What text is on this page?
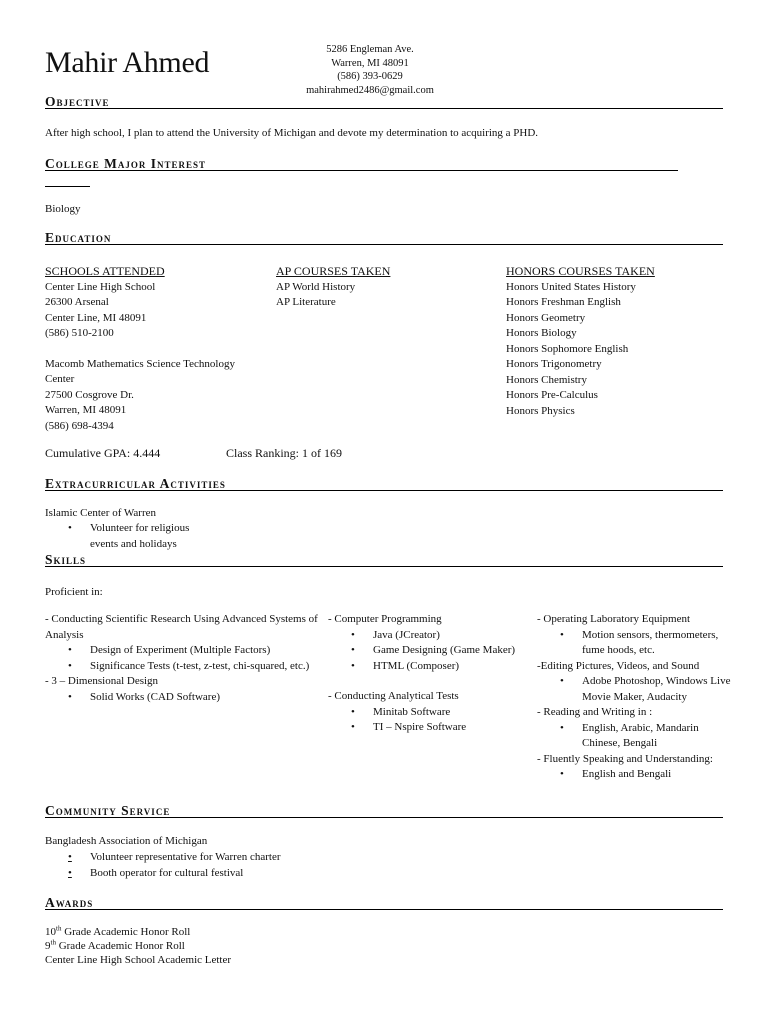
Mahir Ahmed	5286 Engleman Ave.
Warren, MI 48091
(586) 393-0629
mahirahmed2486@gmail.com
Objective
After high school, I plan to attend the University of Michigan and devote my determination to acquiring a PHD.
College Major Interest
Biology
Education
SCHOOLS ATTENDED
Center Line High School
26300 Arsenal
Center Line, MI 48091
(586) 510-2100
Macomb Mathematics Science Technology
Center
27500 Cosgrove Dr.
Warren, MI 48091
(586) 698-4394
AP COURSES TAKEN
AP World History
AP Literature
HONORS COURSES TAKEN
Honors United States History
Honors Freshman English
Honors Geometry
Honors Biology
Honors Sophomore English
Honors Trigonometry
Honors Chemistry
Honors Pre-Calculus
Honors Physics
Cumulative GPA: 4.444	Class Ranking: 1 of 169
Extracurricular Activities
Islamic Center of Warren
• Volunteer for religious events and holidays
Skills
Proficient in:
- Conducting Scientific Research Using Advanced Systems of Analysis
• Design of Experiment (Multiple Factors)
• Significance Tests (t-test, z-test, chi-squared, etc.)
- 3 – Dimensional Design
• Solid Works (CAD Software)
- Computer Programming
• Java (JCreator)
• Game Designing (Game Maker)
• HTML (Composer)
- Conducting Analytical Tests
• Minitab Software
• TI – Nspire Software
- Operating Laboratory Equipment
• Motion sensors, thermometers, fume hoods, etc.
-Editing Pictures, Videos, and Sound
• Adobe Photoshop, Windows Live Movie Maker, Audacity
- Reading and Writing in :
• English, Arabic, Mandarin Chinese, Bengali
- Fluently Speaking and Understanding:
• English and Bengali
Community Service
Bangladesh Association of Michigan
• Volunteer representative for Warren charter
• Booth operator for cultural festival
Awards
10th Grade Academic Honor Roll
9th Grade Academic Honor Roll
Center Line High School Academic Letter
